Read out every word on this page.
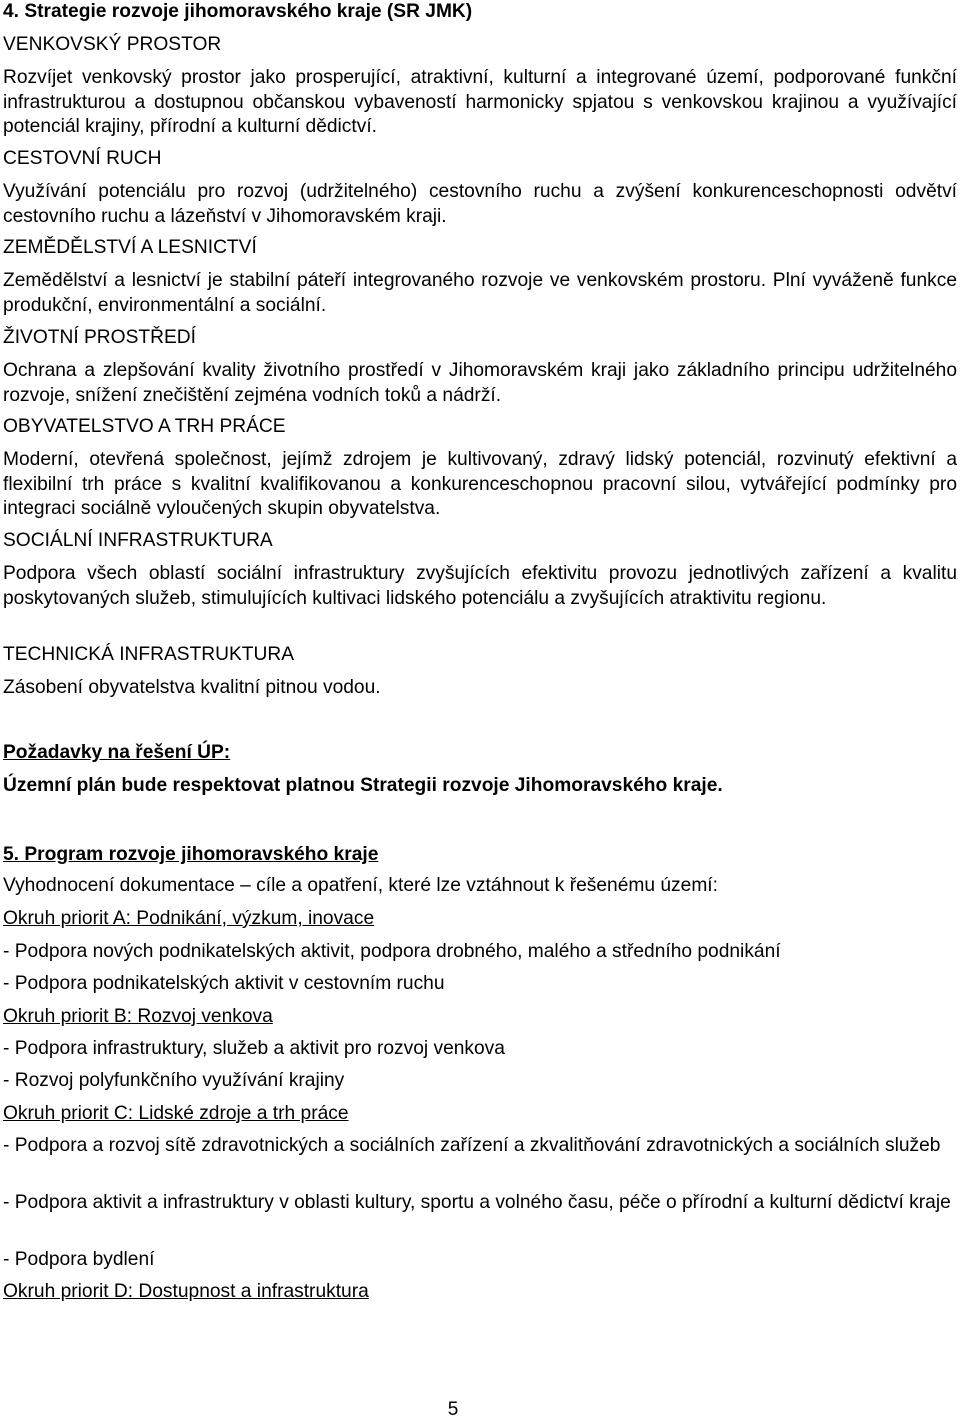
4. Strategie rozvoje jihomoravského kraje (SR JMK)

VENKOVSKÝ PROSTOR

Rozvíjet venkovský prostor jako prosperující, atraktivní, kulturní a integrované území, podporované funkční infrastrukturou a dostupnou občanskou vybaveností harmonicky spjatou s venkovskou krajinou a využívající potenciál krajiny, přírodní a kulturní dědictví.

CESTOVNÍ RUCH

Využívání potenciálu pro rozvoj (udržitelného) cestovního ruchu a zvýšení konkurenceschopnosti odvětví cestovního ruchu a lázeňství v Jihomoravském kraji.

ZEMĚDĚLSTVÍ A LESNICTVÍ

Zemědělství a lesnictví je stabilní páteří integrovaného rozvoje ve venkovském prostoru. Plní vyváženě funkce produkční, environmentální a sociální.

ŽIVOTNÍ PROSTŘEDÍ

Ochrana a zlepšování kvality životního prostředí v Jihomoravském kraji jako základního principu udržitelného rozvoje, snížení znečištění zejména vodních toků a nádrží.

OBYVATELSTVO A TRH PRÁCE

Moderní, otevřená společnost, jejímž zdrojem je kultivovaný, zdravý lidský potenciál, rozvinutý efektivní a flexibilní trh práce s kvalitní kvalifikovanou a konkurenceschopnou pracovní silou, vytvářející podmínky pro integraci sociálně vyloučených skupin obyvatelstva.

SOCIÁLNÍ INFRASTRUKTURA

Podpora všech oblastí sociální infrastruktury zvyšujících efektivitu provozu jednotlivých zařízení a kvalitu poskytovaných služeb, stimulujících kultivaci lidského potenciálu a zvyšujících atraktivitu regionu.

TECHNICKÁ INFRASTRUKTURA

Zásobení obyvatelstva kvalitní pitnou vodou.

Požadavky na řešení ÚP:

Územní plán bude respektovat platnou Strategii rozvoje Jihomoravského kraje.

5. Program rozvoje jihomoravského kraje

Vyhodnocení dokumentace – cíle a opatření, které lze vztáhnout k řešenému území:

Okruh priorit A: Podnikání, výzkum, inovace

- Podpora nových podnikatelských aktivit, podpora drobného, malého a středního podnikání

- Podpora podnikatelských aktivit v cestovním ruchu

Okruh priorit B: Rozvoj venkova

- Podpora infrastruktury, služeb a aktivit pro rozvoj venkova

- Rozvoj polyfunkčního využívání krajiny

Okruh priorit C: Lidské zdroje a trh práce

- Podpora a rozvoj sítě zdravotnických a sociálních zařízení a zkvalitňování zdravotnických a sociálních služeb

- Podpora aktivit a infrastruktury v oblasti kultury, sportu a volného času, péče o přírodní a kulturní dědictví kraje

- Podpora bydlení

Okruh priorit D: Dostupnost a infrastruktura

5
